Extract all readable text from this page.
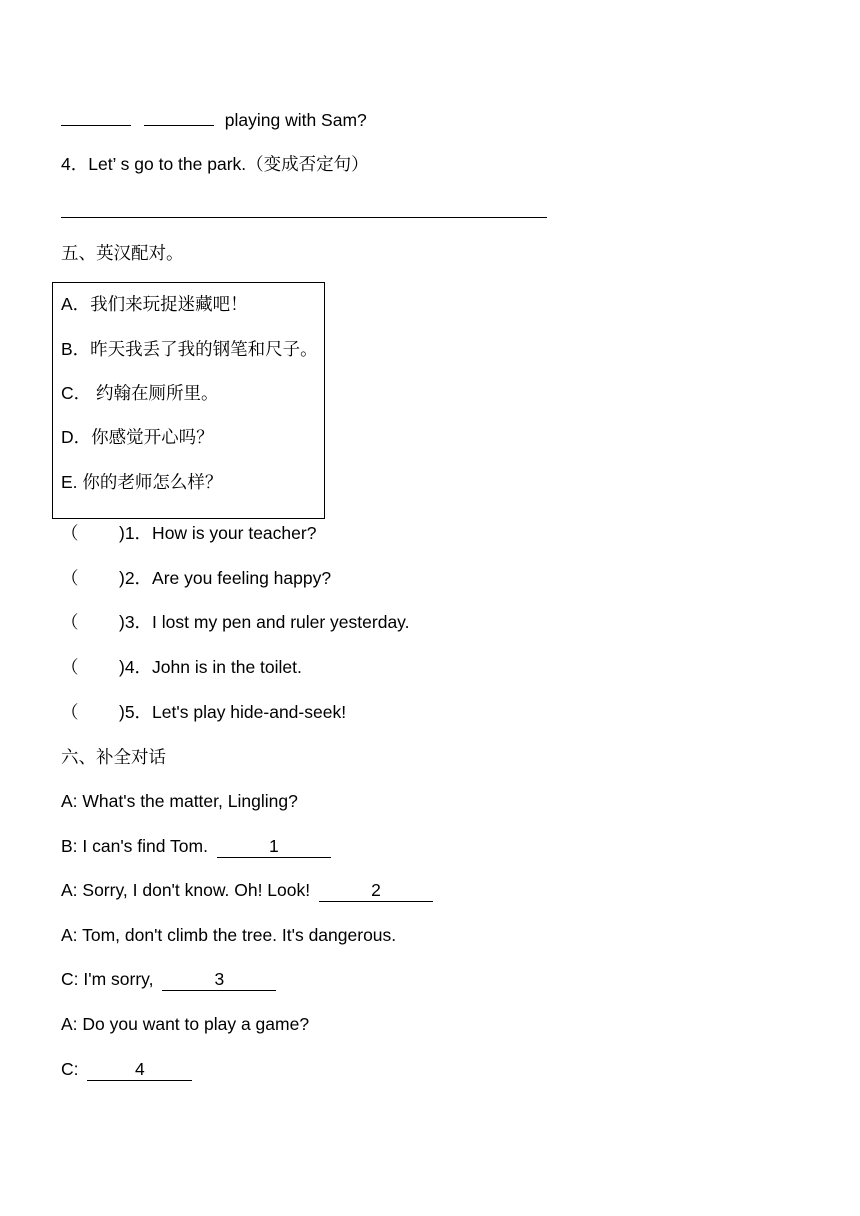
playing with Sam?
4．Let’ s go to the park.（变成否定句）
五、英汉配对。
A．我们来玩捉迷藏吧！
B．昨天我丢了我的钢笔和尺子。
C． 约翰在厕所里。
D．你感觉开心吗？
E. 你的老师怎么样？
（ )1．How is your teacher?
（ )2．Are you feeling happy?
（ )3．I lost my pen and ruler yesterday.
（ )4．John is in the toilet.
（ )5．Let's play hide-and-seek!
六、补全对话
A: What's the matter, Lingling?
B: I can's find Tom.	1
A: Sorry, I don't know. Oh! Look!	2
A: Tom, don't climb the tree. It's dangerous.
C: I'm sorry,	3
A: Do you want to play a game?
C:	4
